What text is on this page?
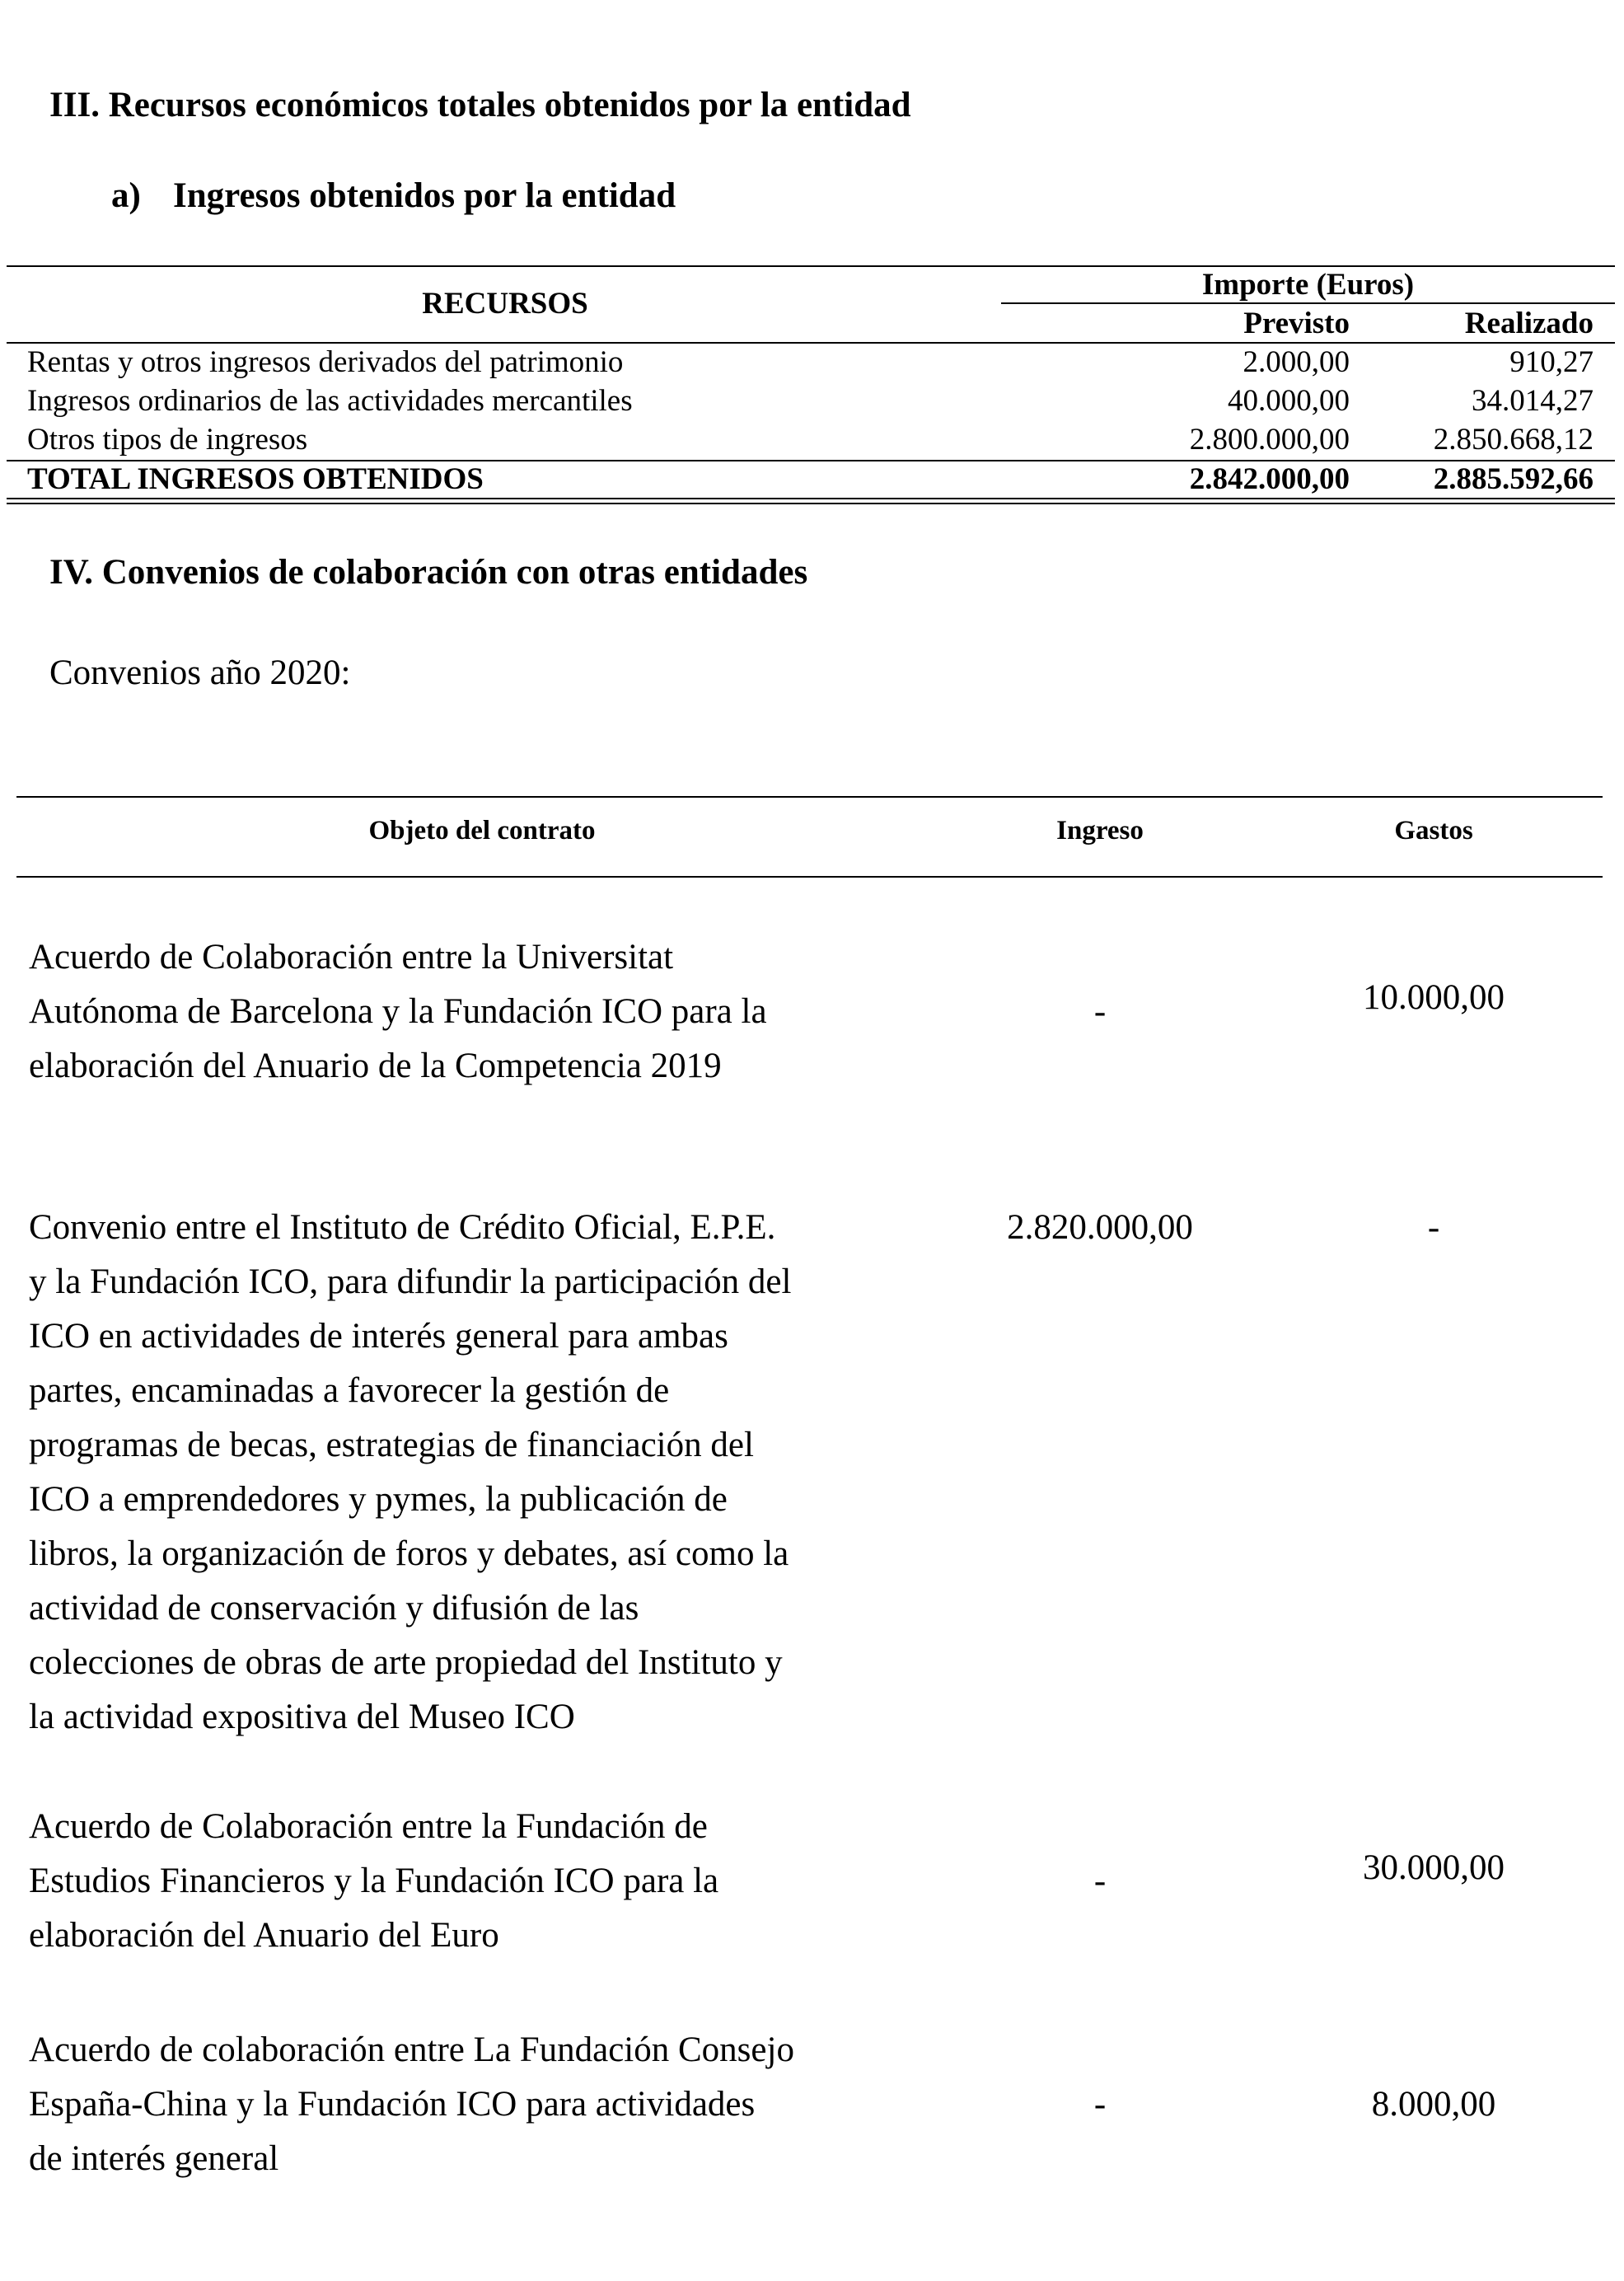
III. Recursos económicos totales obtenidos por la entidad
a) Ingresos obtenidos por la entidad
RECURSOS
Importe (Euros)
Previsto	Realizado
Rentas y otros ingresos derivados del patrimonio	2.000,00	910,27
Ingresos ordinarios de las actividades mercantiles	40.000,00	34.014,27
Otros tipos de ingresos	2.800.000,00	2.850.668,12
TOTAL INGRESOS OBTENIDOS	2.842.000,00	2.885.592,66
IV. Convenios de colaboración con otras entidades
Convenios año 2020:
Objeto del contrato	Ingreso	Gastos
Acuerdo de Colaboración entre la Universitat
Autónoma de Barcelona y la Fundación ICO para la
elaboración del Anuario de la Competencia 2019
-	10.000,00
Convenio entre el Instituto de Crédito Oficial, E.P.E.
y la Fundación ICO, para difundir la participación del
ICO en actividades de interés general para ambas
partes, encaminadas a favorecer la gestión de
programas de becas, estrategias de financiación del
ICO a emprendedores y pymes, la publicación de
libros, la organización de foros y debates, así como la
actividad de conservación y difusión de las
colecciones de obras de arte propiedad del Instituto y
la actividad expositiva del Museo ICO
2.820.000,00	-
Acuerdo de Colaboración entre la Fundación de
Estudios Financieros y la Fundación ICO para la
elaboración del Anuario del Euro
-	30.000,00
Acuerdo de colaboración entre La Fundación Consejo
España-China y la Fundación ICO para actividades
de interés general
-	8.000,00
